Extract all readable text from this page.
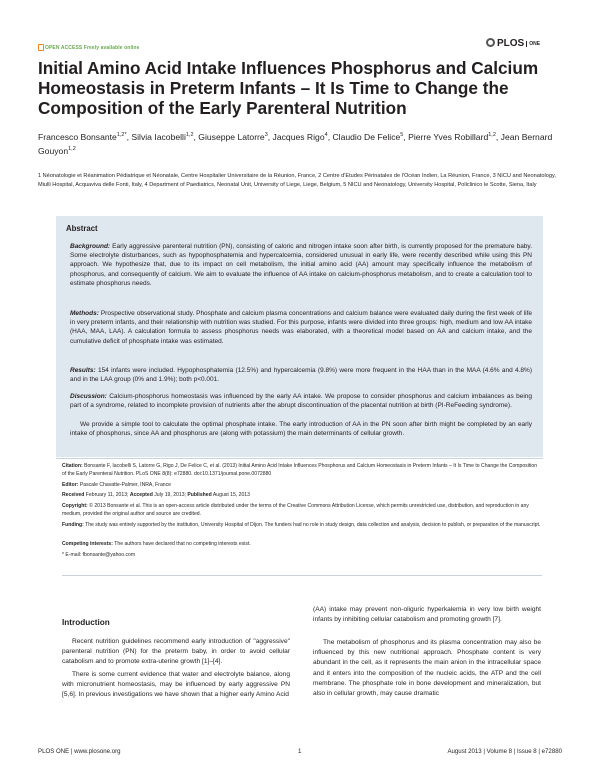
OPEN ACCESS Freely available online	PLOS ONE
Initial Amino Acid Intake Influences Phosphorus and Calcium Homeostasis in Preterm Infants – It Is Time to Change the Composition of the Early Parenteral Nutrition
Francesco Bonsante$^{1,2*}$, Silvia Iacobelli$^{1,2}$, Giuseppe Latorre$^3$, Jacques Rigo$^4$, Claudio De Felice$^5$, Pierre Yves Robillard$^{1,2}$, Jean Bernard Gouyon$^{1,2}$
1 Néonatologie et Réanimation Pédiatrique et Néonatale, Centre Hospitalier Universitaire de la Réunion, France, 2 Centre d'Etudes Périnatales de l'Océan Indien, La Réunion, France, 3 NICU and Neonatology, Miulli Hospital, Acquaviva delle Fonti, Italy, 4 Department of Paediatrics, Neonatal Unit, University of Liege, Liege, Belgium, 5 NICU and Neonatology, University Hospital, Policlinico le Scotte, Siena, Italy
Abstract
Background: Early aggressive parenteral nutrition (PN), consisting of caloric and nitrogen intake soon after birth, is currently proposed for the premature baby. Some electrolyte disturbances, such as hypophosphatemia and hypercalcemia, considered unusual in early life, were recently described while using this PN approach. We hypothesize that, due to its impact on cell metabolism, the initial amino acid (AA) amount may specifically influence the metabolism of phosphorus, and consequently of calcium. We aim to evaluate the influence of AA intake on calcium-phosphorus metabolism, and to create a calculation tool to estimate phosphorus needs.
Methods: Prospective observational study. Phosphate and calcium plasma concentrations and calcium balance were evaluated daily during the first week of life in very preterm infants, and their relationship with nutrition was studied. For this purpose, infants were divided into three groups: high, medium and low AA intake (HAA, MAA, LAA). A calculation formula to assess phosphorus needs was elaborated, with a theoretical model based on AA and calcium intake, and the cumulative deficit of phosphate intake was estimated.
Results: 154 infants were included. Hypophosphatemia (12.5%) and hypercalcemia (9.8%) were more frequent in the HAA than in the MAA (4.6% and 4.8%) and in the LAA group (0% and 1.9%); both p<0.001.
Discussion: Calcium-phosphorus homeostasis was influenced by the early AA intake. We propose to consider phosphorus and calcium imbalances as being part of a syndrome, related to incomplete provision of nutrients after the abrupt discontinuation of the placental nutrition at birth (PI-ReFeeding syndrome).
We provide a simple tool to calculate the optimal phosphate intake. The early introduction of AA in the PN soon after birth might be completed by an early intake of phosphorus, since AA and phosphorus are (along with potassium) the main determinants of cellular growth.
Citation: Bonsante F, Iacobelli S, Latorre G, Rigo J, De Felice C, et al. (2013) Initial Amino Acid Intake Influences Phosphorus and Calcium Homeostasis in Preterm Infants – It Is Time to Change the Composition of the Early Parenteral Nutrition. PLoS ONE 8(8): e72880. doi:10.1371/journal.pone.0072880
Editor: Pascale Chavatte-Palmer, INRA, France
Received February 11, 2013; Accepted July 19, 2013; Published August 15, 2013
Copyright: © 2013 Bonsante et al. This is an open-access article distributed under the terms of the Creative Commons Attribution License, which permits unrestricted use, distribution, and reproduction in any medium, provided the original author and source are credited.
Funding: The study was entirely supported by the institution, University Hospital of Dijon. The funders had no role in study design, data collection and analysis, decision to publish, or preparation of the manuscript.
Competing interests: The authors have declared that no competing interests exist.
* E-mail: fbonsante@yahoo.com
Introduction
Recent nutrition guidelines recommend early introduction of "aggressive" parenteral nutrition (PN) for the preterm baby, in order to avoid cellular catabolism and to promote extra-uterine growth [1]–[4].
There is some current evidence that water and electrolyte balance, along with micronutrient homeostasis, may be influenced by early aggressive PN [5,6]. In previous investigations we have shown that a higher early Amino Acid
(AA) intake may prevent non-oliguric hyperkalemia in very low birth weight infants by inhibiting cellular catabolism and promoting growth [7].
The metabolism of phosphorus and its plasma concentration may also be influenced by this new nutritional approach. Phosphate content is very abundant in the cell, as it represents the main anion in the intracellular space and it enters into the composition of the nucleic acids, the ATP and the cell membrane. The phosphate role in bone development and mineralization, but also in cellular growth, may cause dramatic
PLOS ONE | www.plosone.org	1	August 2013 | Volume 8 | Issue 8 | e72880
